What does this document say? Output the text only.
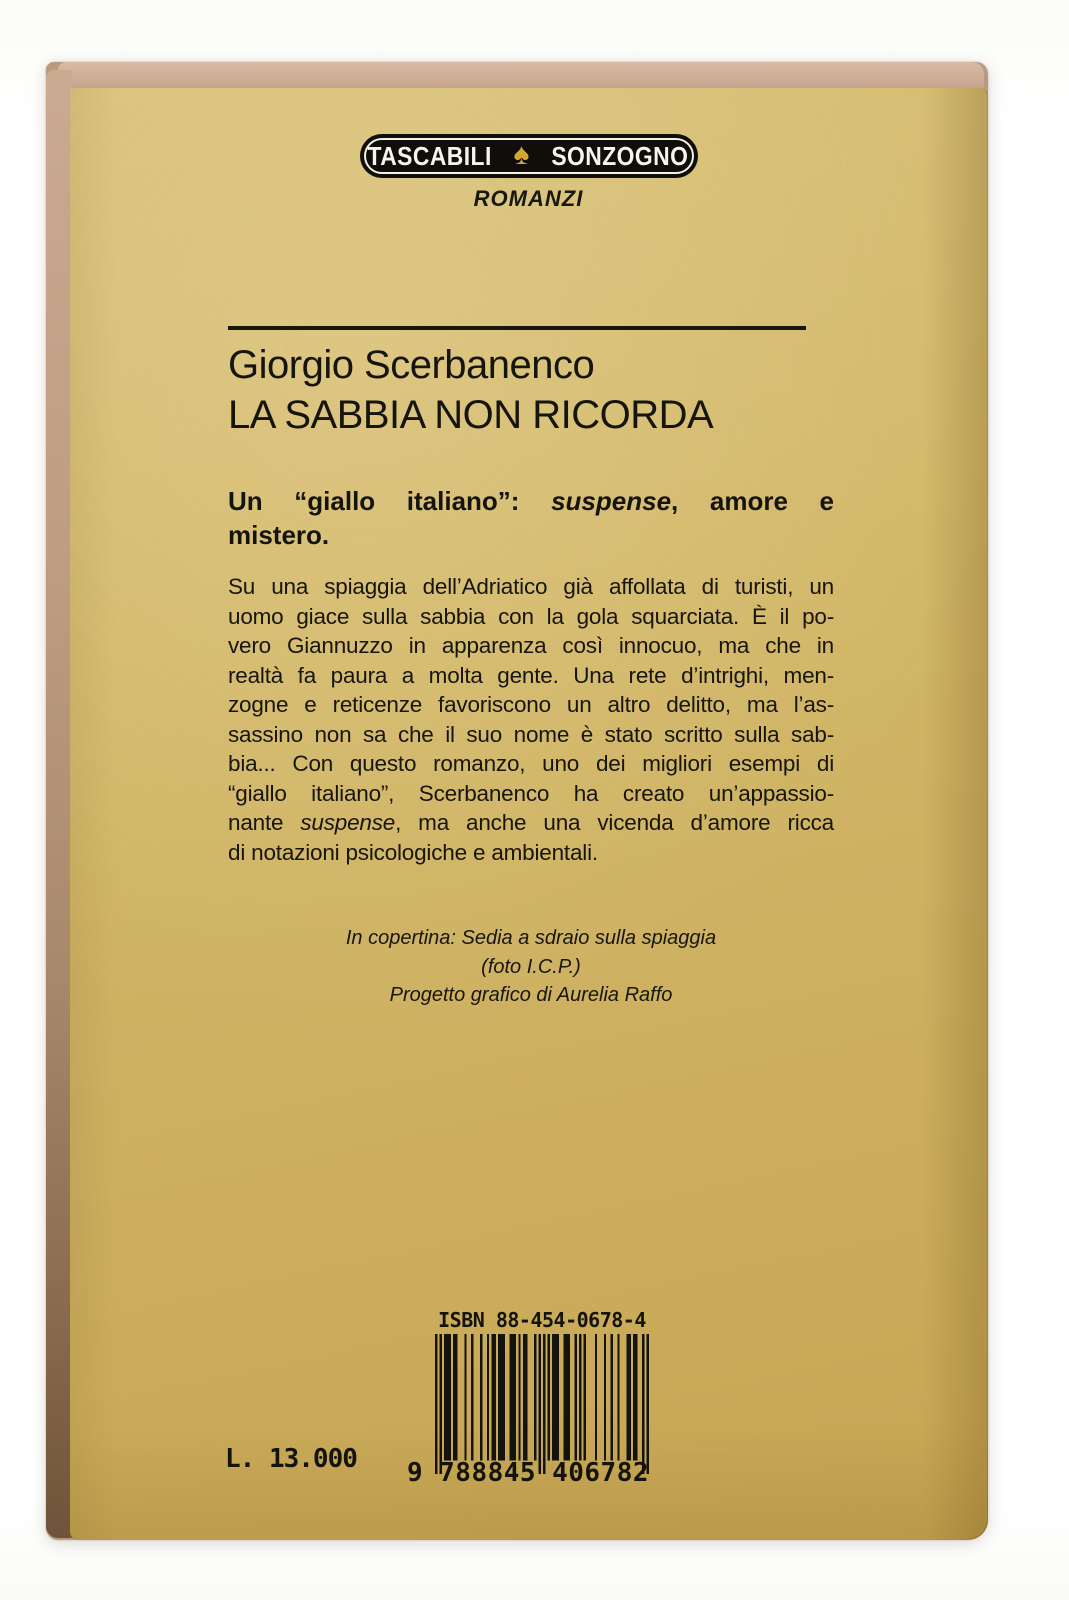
TASCABILI ♠ SONZOGNO
ROMANZI
Giorgio Scerbanenco
LA SABBIA NON RICORDA
Un “giallo italiano”: suspense, amore e
mistero.
Su una spiaggia dell’Adriatico già affollata di turisti, un
uomo giace sulla sabbia con la gola squarciata. È il po-
vero Giannuzzo in apparenza così innocuo, ma che in
realtà fa paura a molta gente. Una rete d’intrighi, men-
zogne e reticenze favoriscono un altro delitto, ma l’as-
sassino non sa che il suo nome è stato scritto sulla sab-
bia... Con questo romanzo, uno dei migliori esempi di
“giallo italiano”, Scerbanenco ha creato un’appassio-
nante suspense, ma anche una vicenda d’amore ricca
di notazioni psicologiche e ambientali.
In copertina: Sedia a sdraio sulla spiaggia
(foto I.C.P.)
Progetto grafico di Aurelia Raffo
ISBN 88-454-0678-4
9 788845 406782
L. 13.000
